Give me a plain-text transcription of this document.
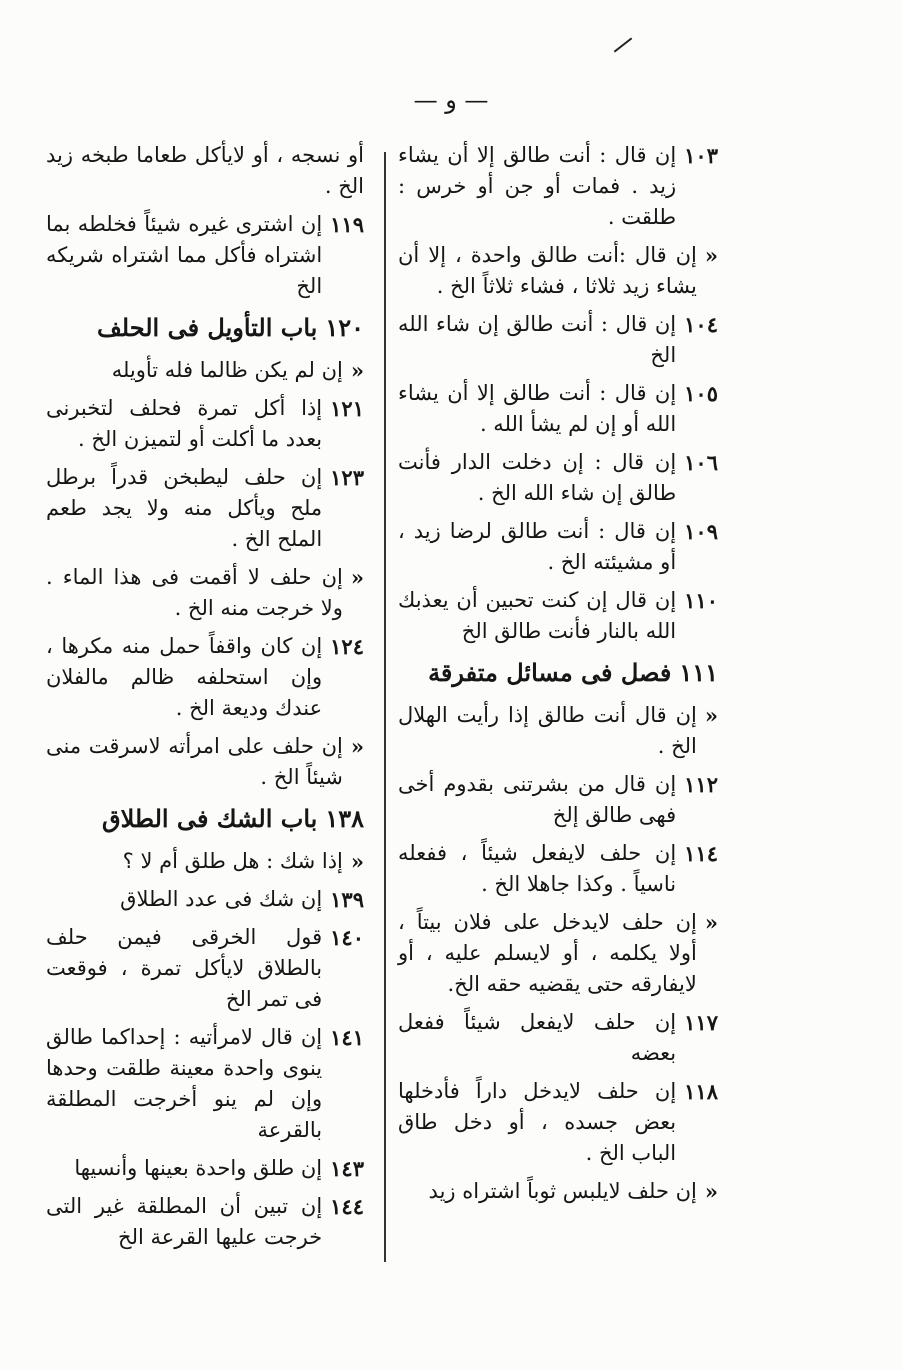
— و —
١٠٣
إن قال : أنت طالق إلا أن يشاء زيد . فمات أو جن أو خرس : طلقت .
«
إن قال :أنت طالق واحدة ، إلا أن يشاء زيد ثلاثا ، فشاء ثلاثاً الخ .
١٠٤
إن قال : أنت طالق إن شاء الله الخ
١٠٥
إن قال : أنت طالق إلا أن يشاء الله أو إن لم يشأ الله .
١٠٦
إن قال : إن دخلت الدار فأنت طالق إن شاء الله الخ .
١٠٩
إن قال : أنت طالق لرضا زيد ، أو مشيئته الخ .
١١٠
إن قال إن كنت تحبين أن يعذبك الله بالنار فأنت طالق الخ
١١١
فصل فى مسائل متفرقة
«
إن قال أنت طالق إذا رأيت الهلال الخ .
١١٢
إن قال من بشرتنى بقدوم أخى فهى طالق إلخ
١١٤
إن حلف لايفعل شيئاً ، ففعله ناسياً . وكذا جاهلا الخ .
«
إن حلف لايدخل على فلان بيتاً ، أولا يكلمه ، أو لايسلم عليه ، أو لايفارقه حتى يقضيه حقه الخ.
١١٧
إن حلف لايفعل شيئاً ففعل بعضه
١١٨
إن حلف لايدخل داراً فأدخلها بعض جسده ، أو دخل طاق الباب الخ .
«
إن حلف لايلبس ثوباً اشتراه زيد
أو نسجه ، أو لايأكل طعاما طبخه زيد الخ .
١١٩
إن اشترى غيره شيئاً فخلطه بما اشتراه فأكل مما اشتراه شريكه الخ
١٢٠
باب التأويل فى الحلف
«
إن لم يكن ظالما فله تأويله
١٢١
إذا أكل تمرة فحلف لتخبرنى بعدد ما أكلت أو لتميزن الخ .
١٢٣
إن حلف ليطبخن قدراً برطل ملح ويأكل منه ولا يجد طعم الملح الخ .
«
إن حلف لا أقمت فى هذا الماء . ولا خرجت منه الخ .
١٢٤
إن كان واقفاً حمل منه مكرها ، وإن استحلفه ظالم مالفلان عندك وديعة الخ .
«
إن حلف على امرأته لاسرقت منى شيئاً الخ .
١٣٨
باب الشك فى الطلاق
«
إذا شك : هل طلق أم لا ؟
١٣٩
إن شك فى عدد الطلاق
١٤٠
قول الخرقى فيمن حلف بالطلاق لايأكل تمرة ، فوقعت فى تمر الخ
١٤١
إن قال لامرأتيه : إحداكما طالق ينوى واحدة معينة طلقت وحدها وإن لم ينو أخرجت المطلقة بالقرعة
١٤٣
إن طلق واحدة بعينها وأنسيها
١٤٤
إن تبين أن المطلقة غير التى خرجت عليها القرعة الخ
